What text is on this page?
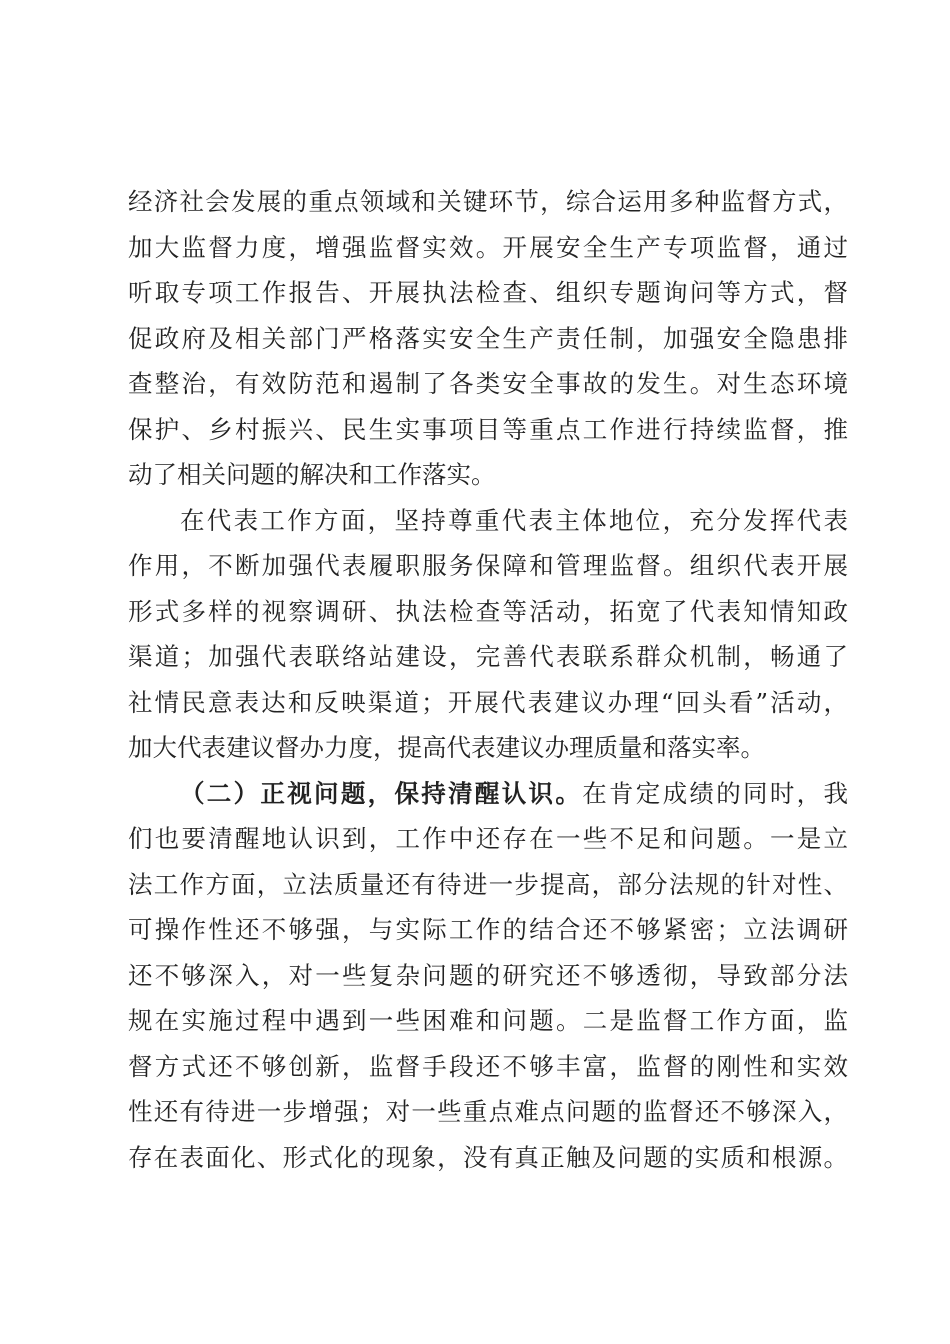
经济社会发展的重点领域和关键环节，综合运用多种监督方式，
加大监督力度，增强监督实效。开展安全生产专项监督，通过
听取专项工作报告、开展执法检查、组织专题询问等方式，督
促政府及相关部门严格落实安全生产责任制，加强安全隐患排
查整治，有效防范和遏制了各类安全事故的发生。对生态环境
保护、乡村振兴、民生实事项目等重点工作进行持续监督，推
动了相关问题的解决和工作落实。
在代表工作方面，坚持尊重代表主体地位，充分发挥代表
作用，不断加强代表履职服务保障和管理监督。组织代表开展
形式多样的视察调研、执法检查等活动，拓宽了代表知情知政
渠道；加强代表联络站建设，完善代表联系群众机制，畅通了
社情民意表达和反映渠道；开展代表建议办理“回头看”活动，
加大代表建议督办力度，提高代表建议办理质量和落实率。
（二）正视问题，保持清醒认识。在肯定成绩的同时，我
们也要清醒地认识到，工作中还存在一些不足和问题。一是立
法工作方面，立法质量还有待进一步提高，部分法规的针对性、
可操作性还不够强，与实际工作的结合还不够紧密；立法调研
还不够深入，对一些复杂问题的研究还不够透彻，导致部分法
规在实施过程中遇到一些困难和问题。二是监督工作方面，监
督方式还不够创新，监督手段还不够丰富，监督的刚性和实效
性还有待进一步增强；对一些重点难点问题的监督还不够深入，
存在表面化、形式化的现象，没有真正触及问题的实质和根源。
